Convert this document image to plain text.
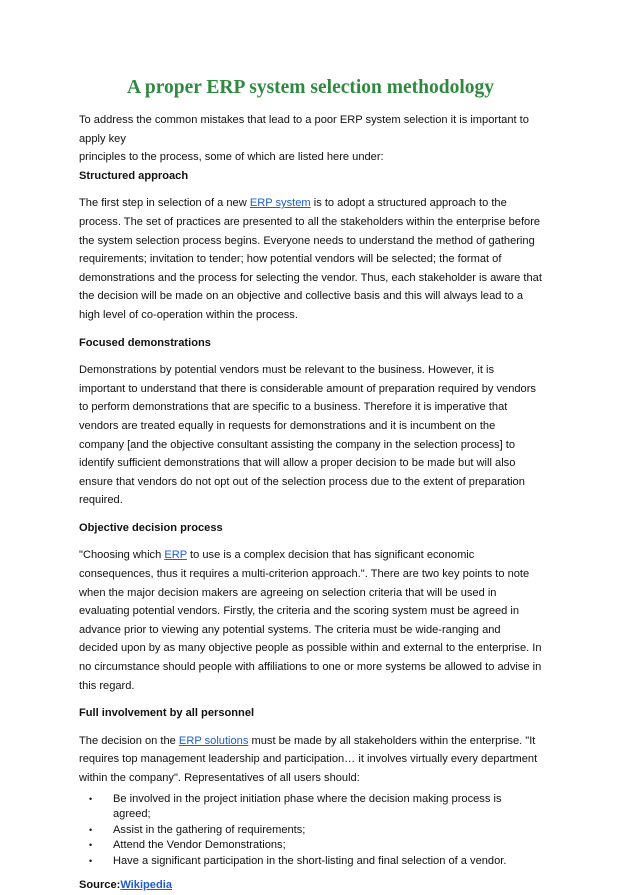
A proper ERP system selection methodology

To address the common mistakes that lead to a poor ERP system selection it is important to apply key
principles to the process, some of which are listed here under:

Structured approach

The first step in selection of a new ERP system is to adopt a structured approach to the process. The set of practices are presented to all the stakeholders within the enterprise before the system selection process begins. Everyone needs to understand the method of gathering requirements; invitation to tender; how potential vendors will be selected; the format of demonstrations and the process for selecting the vendor. Thus, each stakeholder is aware that the decision will be made on an objective and collective basis and this will always lead to a high level of co-operation within the process.

Focused demonstrations

Demonstrations by potential vendors must be relevant to the business. However, it is important to understand that there is considerable amount of preparation required by vendors to perform demonstrations that are specific to a business. Therefore it is imperative that vendors are treated equally in requests for demonstrations and it is incumbent on the company [and the objective consultant assisting the company in the selection process] to identify sufficient demonstrations that will allow a proper decision to be made but will also ensure that vendors do not opt out of the selection process due to the extent of preparation required.

Objective decision process

"Choosing which ERP to use is a complex decision that has significant economic consequences, thus it requires a multi-criterion approach.". There are two key points to note when the major decision makers are agreeing on selection criteria that will be used in evaluating potential vendors. Firstly, the criteria and the scoring system must be agreed in advance prior to viewing any potential systems. The criteria must be wide-ranging and decided upon by as many objective people as possible within and external to the enterprise. In no circumstance should people with affiliations to one or more systems be allowed to advise in this regard.

Full involvement by all personnel

The decision on the ERP solutions must be made by all stakeholders within the enterprise. "It requires top management leadership and participation… it involves virtually every department within the company". Representatives of all users should:

• Be involved in the project initiation phase where the decision making process is agreed;
• Assist in the gathering of requirements;
• Attend the Vendor Demonstrations;
• Have a significant participation in the short-listing and final selection of a vendor.

Source:Wikipedia
